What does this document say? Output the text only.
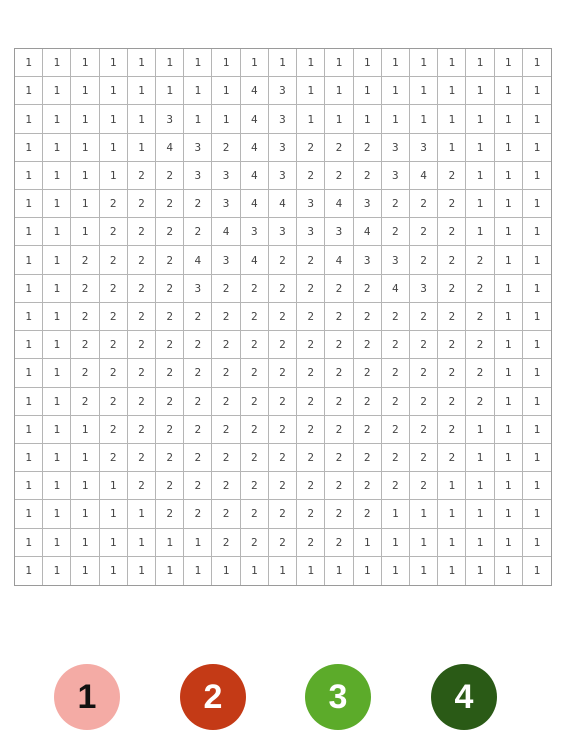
1	1	1	1	1	1	1	1	1	1	1	1	1	1	1	1	1	1	1
1	1	1	1	1	1	1	1	4	3	1	1	1	1	1	1	1	1	1
1	1	1	1	1	3	1	1	4	3	1	1	1	1	1	1	1	1	1
1	1	1	1	1	4	3	2	4	3	2	2	2	3	3	1	1	1	1
1	1	1	1	2	2	3	3	4	3	2	2	2	3	4	2	1	1	1
1	1	1	2	2	2	2	3	4	4	3	4	3	2	2	2	1	1	1
1	1	1	2	2	2	2	4	3	3	3	3	4	2	2	2	1	1	1
1	1	2	2	2	2	4	3	4	2	2	4	3	3	2	2	2	1	1
1	1	2	2	2	2	3	2	2	2	2	2	2	4	3	2	2	1	1
1	1	2	2	2	2	2	2	2	2	2	2	2	2	2	2	2	1	1
1	1	2	2	2	2	2	2	2	2	2	2	2	2	2	2	2	1	1
1	1	2	2	2	2	2	2	2	2	2	2	2	2	2	2	2	1	1
1	1	2	2	2	2	2	2	2	2	2	2	2	2	2	2	2	1	1
1	1	1	2	2	2	2	2	2	2	2	2	2	2	2	2	1	1	1
1	1	1	2	2	2	2	2	2	2	2	2	2	2	2	2	1	1	1
1	1	1	1	2	2	2	2	2	2	2	2	2	2	2	1	1	1	1
1	1	1	1	1	2	2	2	2	2	2	2	2	1	1	1	1	1	1
1	1	1	1	1	1	1	2	2	2	2	2	1	1	1	1	1	1	1
1	1	1	1	1	1	1	1	1	1	1	1	1	1	1	1	1	1	1
1	2	3	4
